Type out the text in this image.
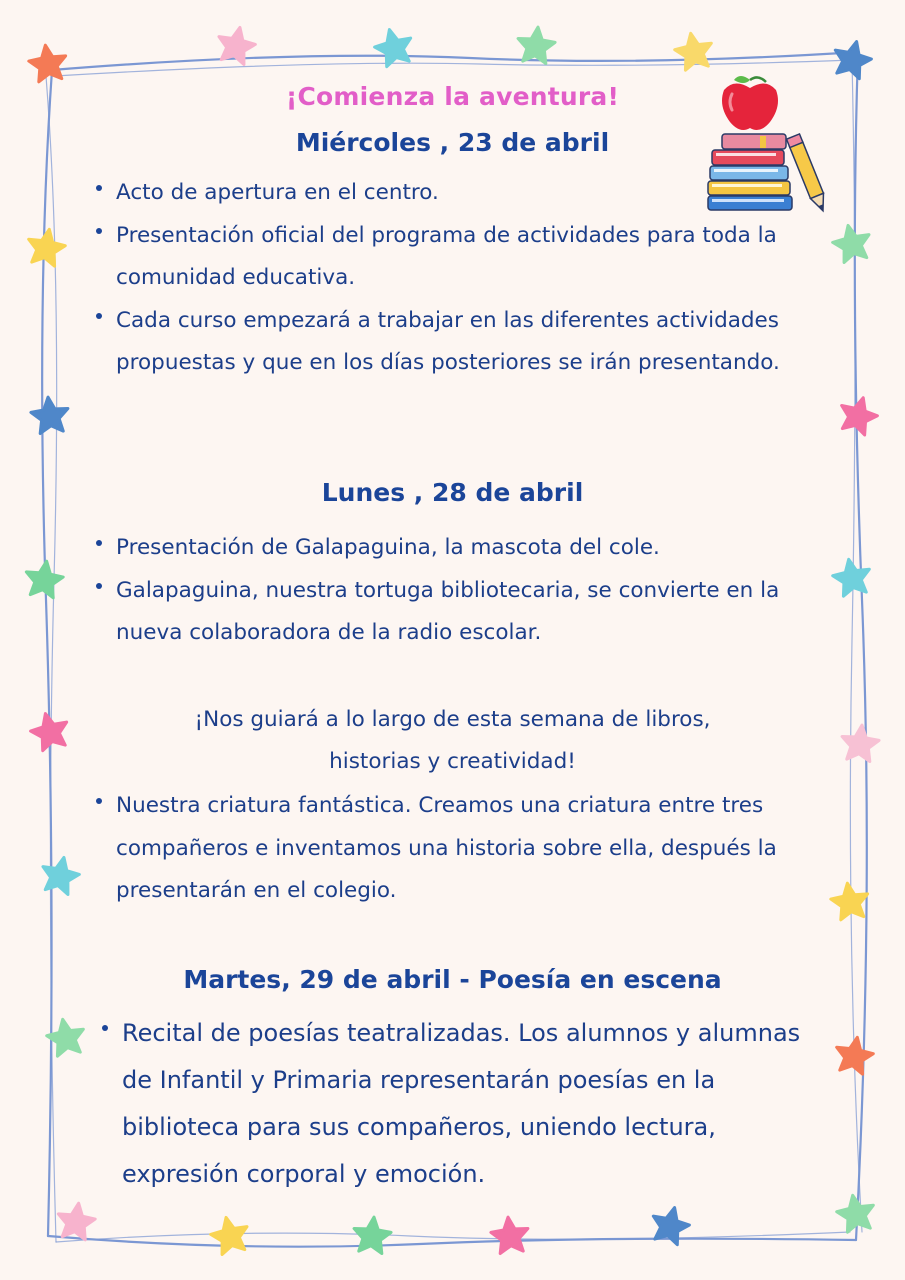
¡Comienza la aventura!
Miércoles , 23 de abril
Acto de apertura en el centro.
Presentación oficial del programa de actividades para toda la comunidad educativa.
Cada curso empezará a trabajar en las diferentes actividades propuestas y que en los días posteriores se irán presentando.
Lunes , 28 de abril
Presentación de Galapaguina, la mascota del cole.
Galapaguina, nuestra tortuga bibliotecaria, se convierte en la nueva colaboradora de la radio escolar.
¡Nos guiará a lo largo de esta semana de libros,
historias y creatividad!
Nuestra criatura fantástica. Creamos una criatura entre tres compañeros e inventamos una historia sobre ella, después la presentarán en el colegio.
Martes, 29 de abril - Poesía en escena
Recital de poesías teatralizadas. Los alumnos y alumnas de Infantil y Primaria representarán poesías en la biblioteca para sus compañeros, uniendo lectura, expresión corporal y emoción.
